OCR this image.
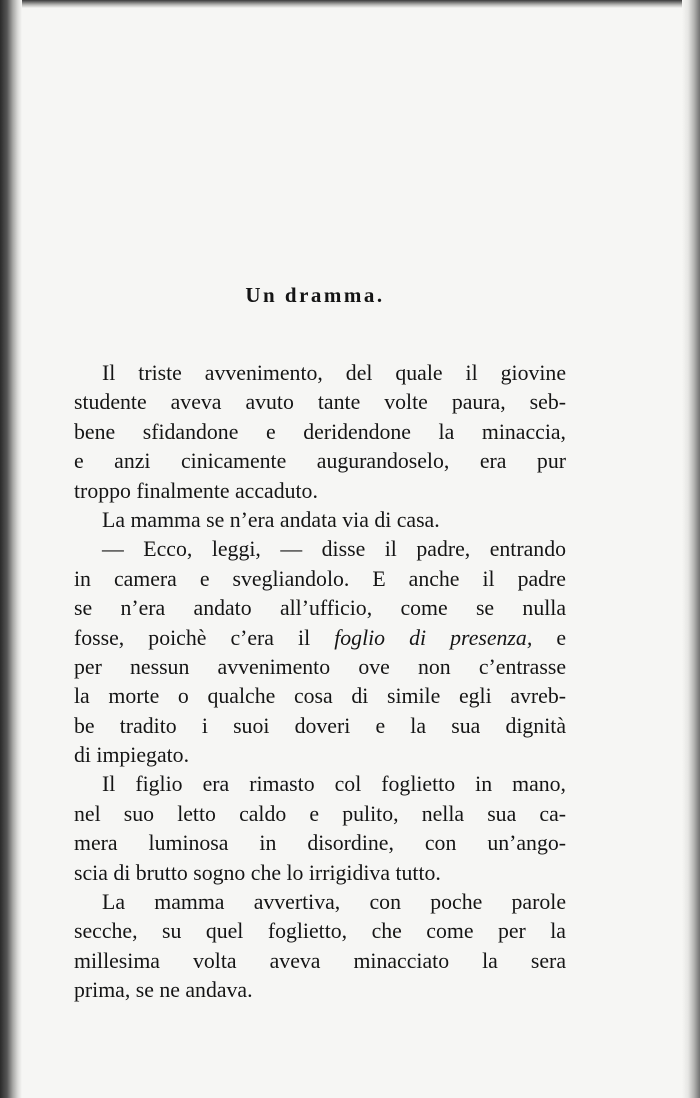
Un dramma.
Il triste avvenimento, del quale il giovine
studente aveva avuto tante volte paura, seb-
bene sfidandone e deridendone la minaccia,
e anzi cinicamente augurandoselo, era pur
troppo finalmente accaduto.
La mamma se n’era andata via di casa.
— Ecco, leggi, — disse il padre, entrando
in camera e svegliandolo. E anche il padre
se n’era andato all’ufficio, come se nulla
fosse, poichè c’era il foglio di presenza, e
per nessun avvenimento ove non c’entrasse
la morte o qualche cosa di simile egli avreb-
be tradito i suoi doveri e la sua dignità
di impiegato.
Il figlio era rimasto col foglietto in mano,
nel suo letto caldo e pulito, nella sua ca-
mera luminosa in disordine, con un’ango-
scia di brutto sogno che lo irrigidiva tutto.
La mamma avvertiva, con poche parole
secche, su quel foglietto, che come per la
millesima volta aveva minacciato la sera
prima, se ne andava.
